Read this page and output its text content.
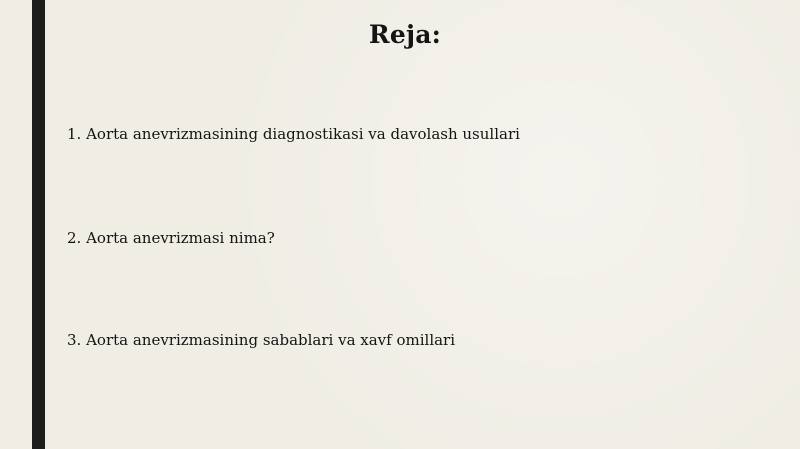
Reja:
1. Aorta anevrizmasining diagnostikasi va davolash usullari
2. Aorta anevrizmasi nima?
3. Aorta anevrizmasining sabablari va xavf omillari
